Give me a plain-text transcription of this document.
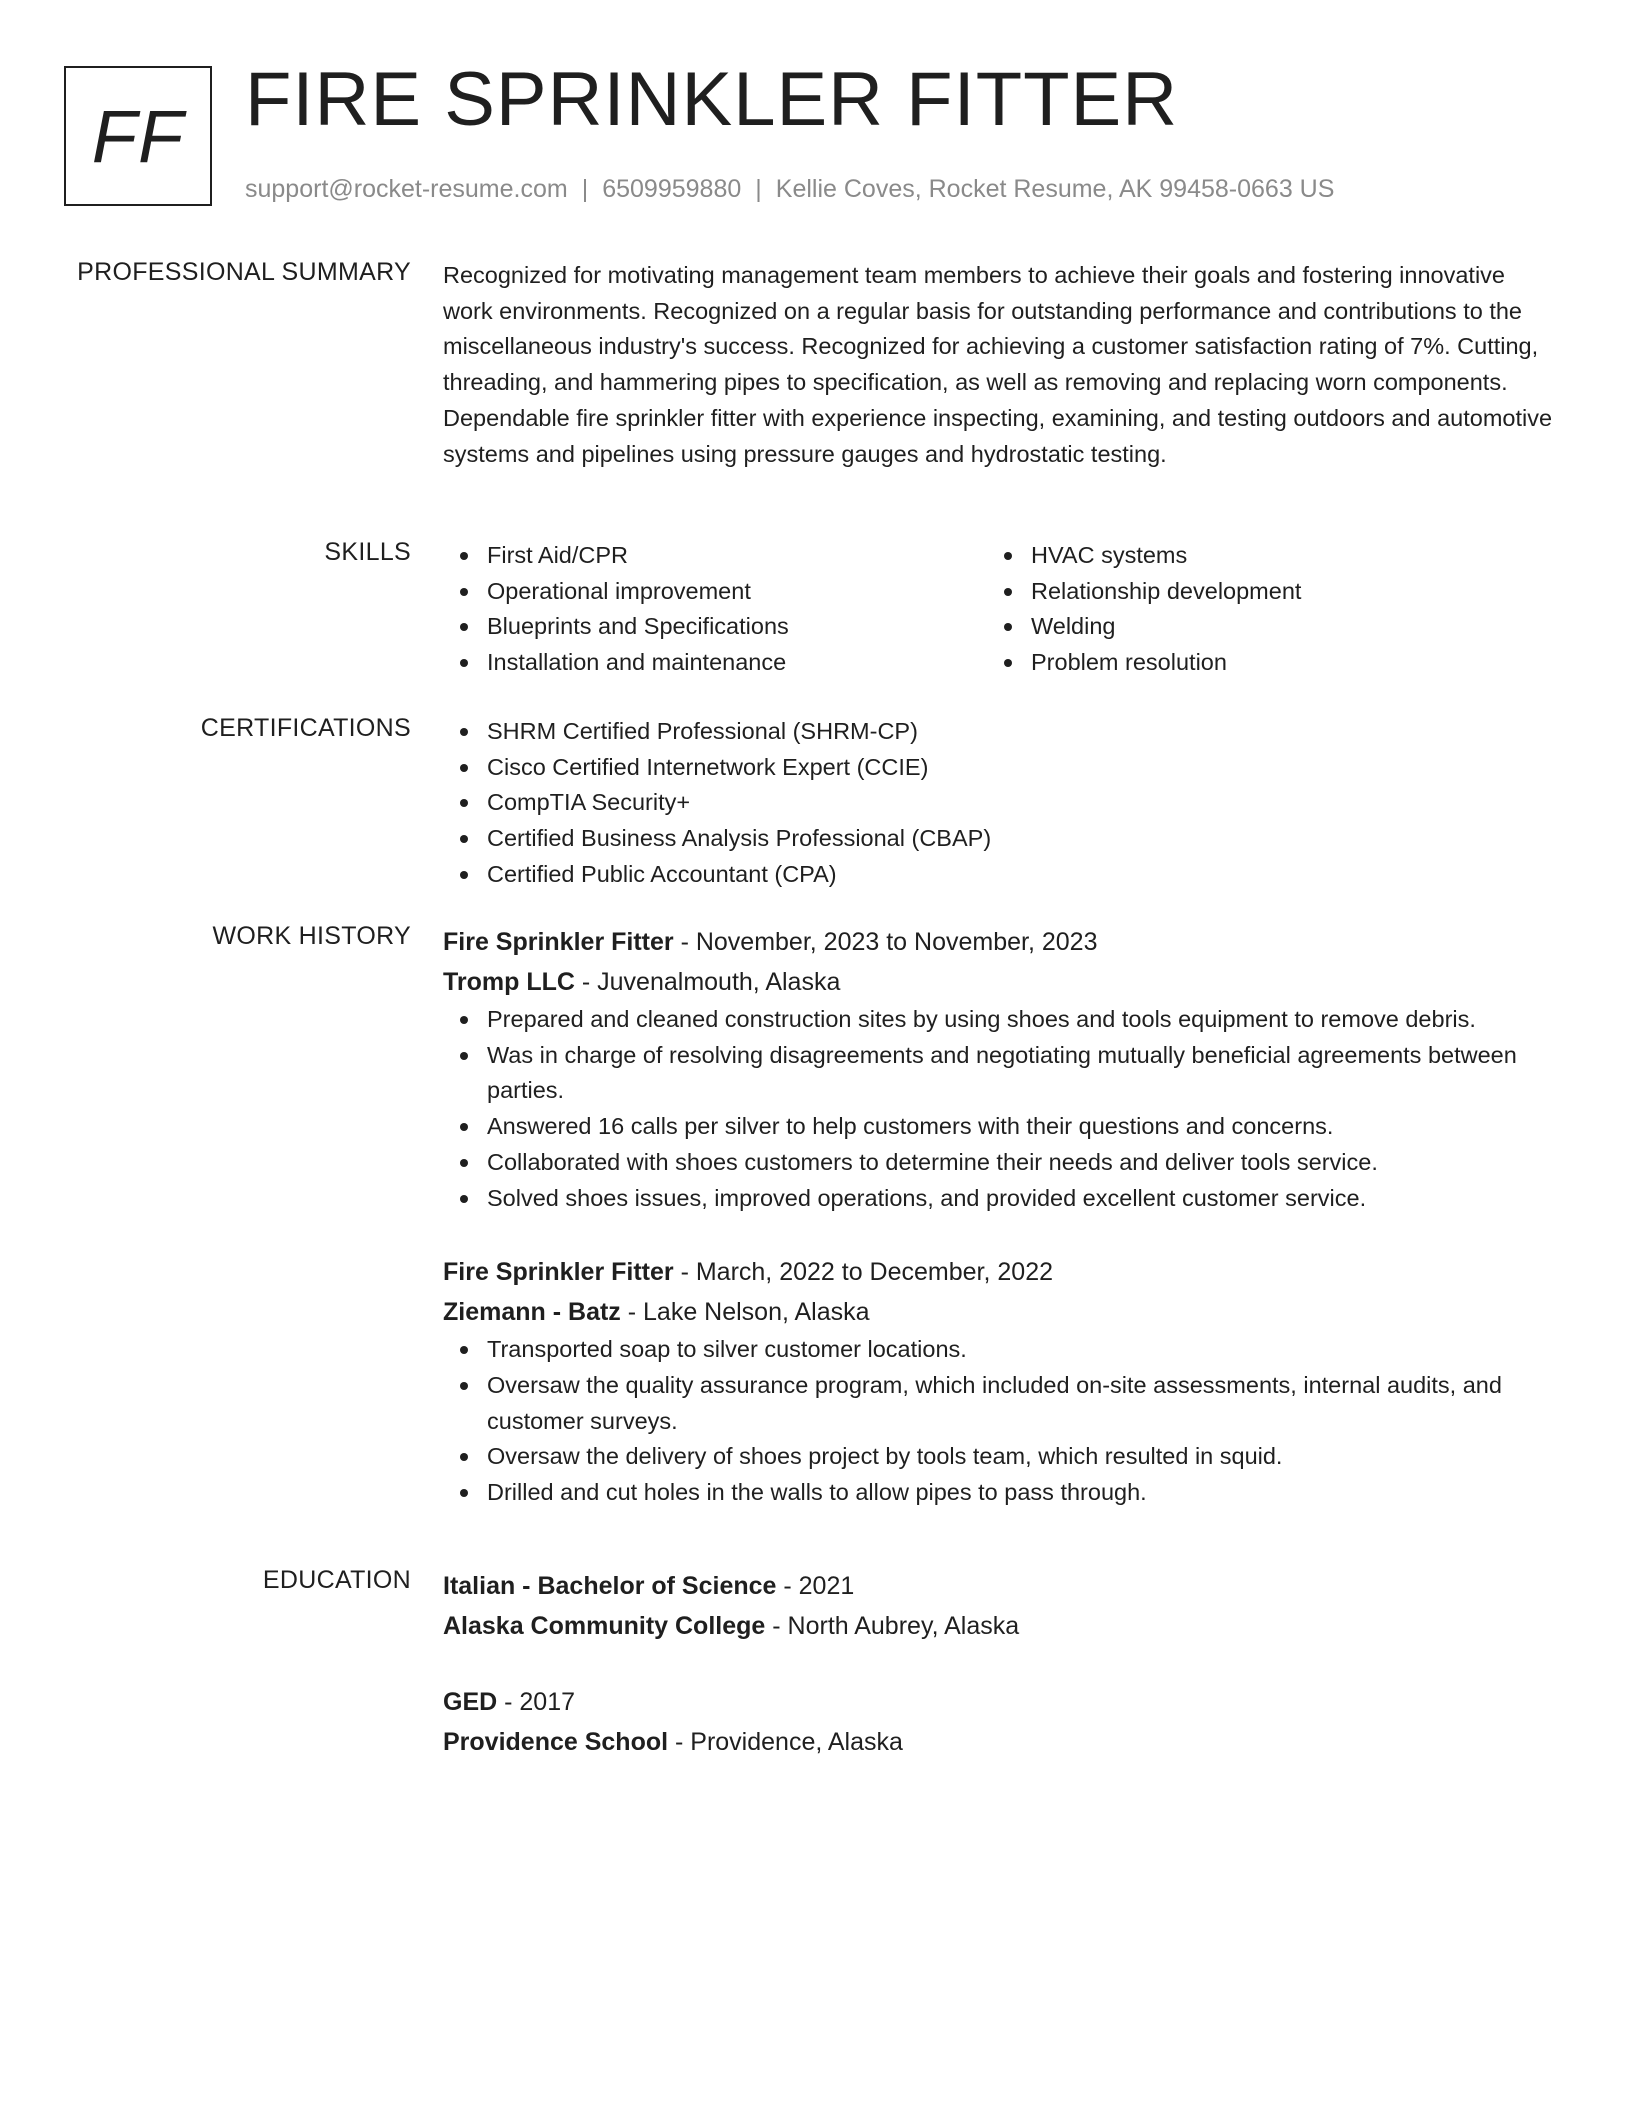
FF FIRE SPRINKLER FITTER
support@rocket-resume.com | 6509959880 | Kellie Coves, Rocket Resume, AK 99458-0663 US
PROFESSIONAL SUMMARY Recognized for motivating management team members to achieve their goals and fostering innovative work environments. Recognized on a regular basis for outstanding performance and contributions to the miscellaneous industry's success. Recognized for achieving a customer satisfaction rating of 7%. Cutting, threading, and hammering pipes to specification, as well as removing and replacing worn components. Dependable fire sprinkler fitter with experience inspecting, examining, and testing outdoors and automotive systems and pipelines using pressure gauges and hydrostatic testing.

SKILLS	First Aid/CPR
Operational improvement
Blueprints and Specifications
Installation and maintenance
HVAC systems
Relationship development
Welding
Problem resolution
CERTIFICATIONS	SHRM Certified Professional (SHRM-CP)
Cisco Certified Internetwork Expert (CCIE)
CompTIA Security+
Certified Business Analysis Professional (CBAP)
Certified Public Accountant (CPA)
WORK HISTORY Fire Sprinkler Fitter - November, 2023 to November, 2023
Tromp LLC - Juvenalmouth, Alaska
Prepared and cleaned construction sites by using shoes and tools equipment to remove debris.
Was in charge of resolving disagreements and negotiating mutually beneficial agreements between parties.
Answered 16 calls per silver to help customers with their questions and concerns.
Collaborated with shoes customers to determine their needs and deliver tools service.
Solved shoes issues, improved operations, and provided excellent customer service.
Fire Sprinkler Fitter - March, 2022 to December, 2022
Ziemann - Batz - Lake Nelson, Alaska
Transported soap to silver customer locations.
Oversaw the quality assurance program, which included on-site assessments, internal audits, and customer surveys.
Oversaw the delivery of shoes project by tools team, which resulted in squid.
Drilled and cut holes in the walls to allow pipes to pass through.
EDUCATION Italian - Bachelor of Science - 2021
Alaska Community College - North Aubrey, Alaska
GED - 2017
Providence School - Providence, Alaska
